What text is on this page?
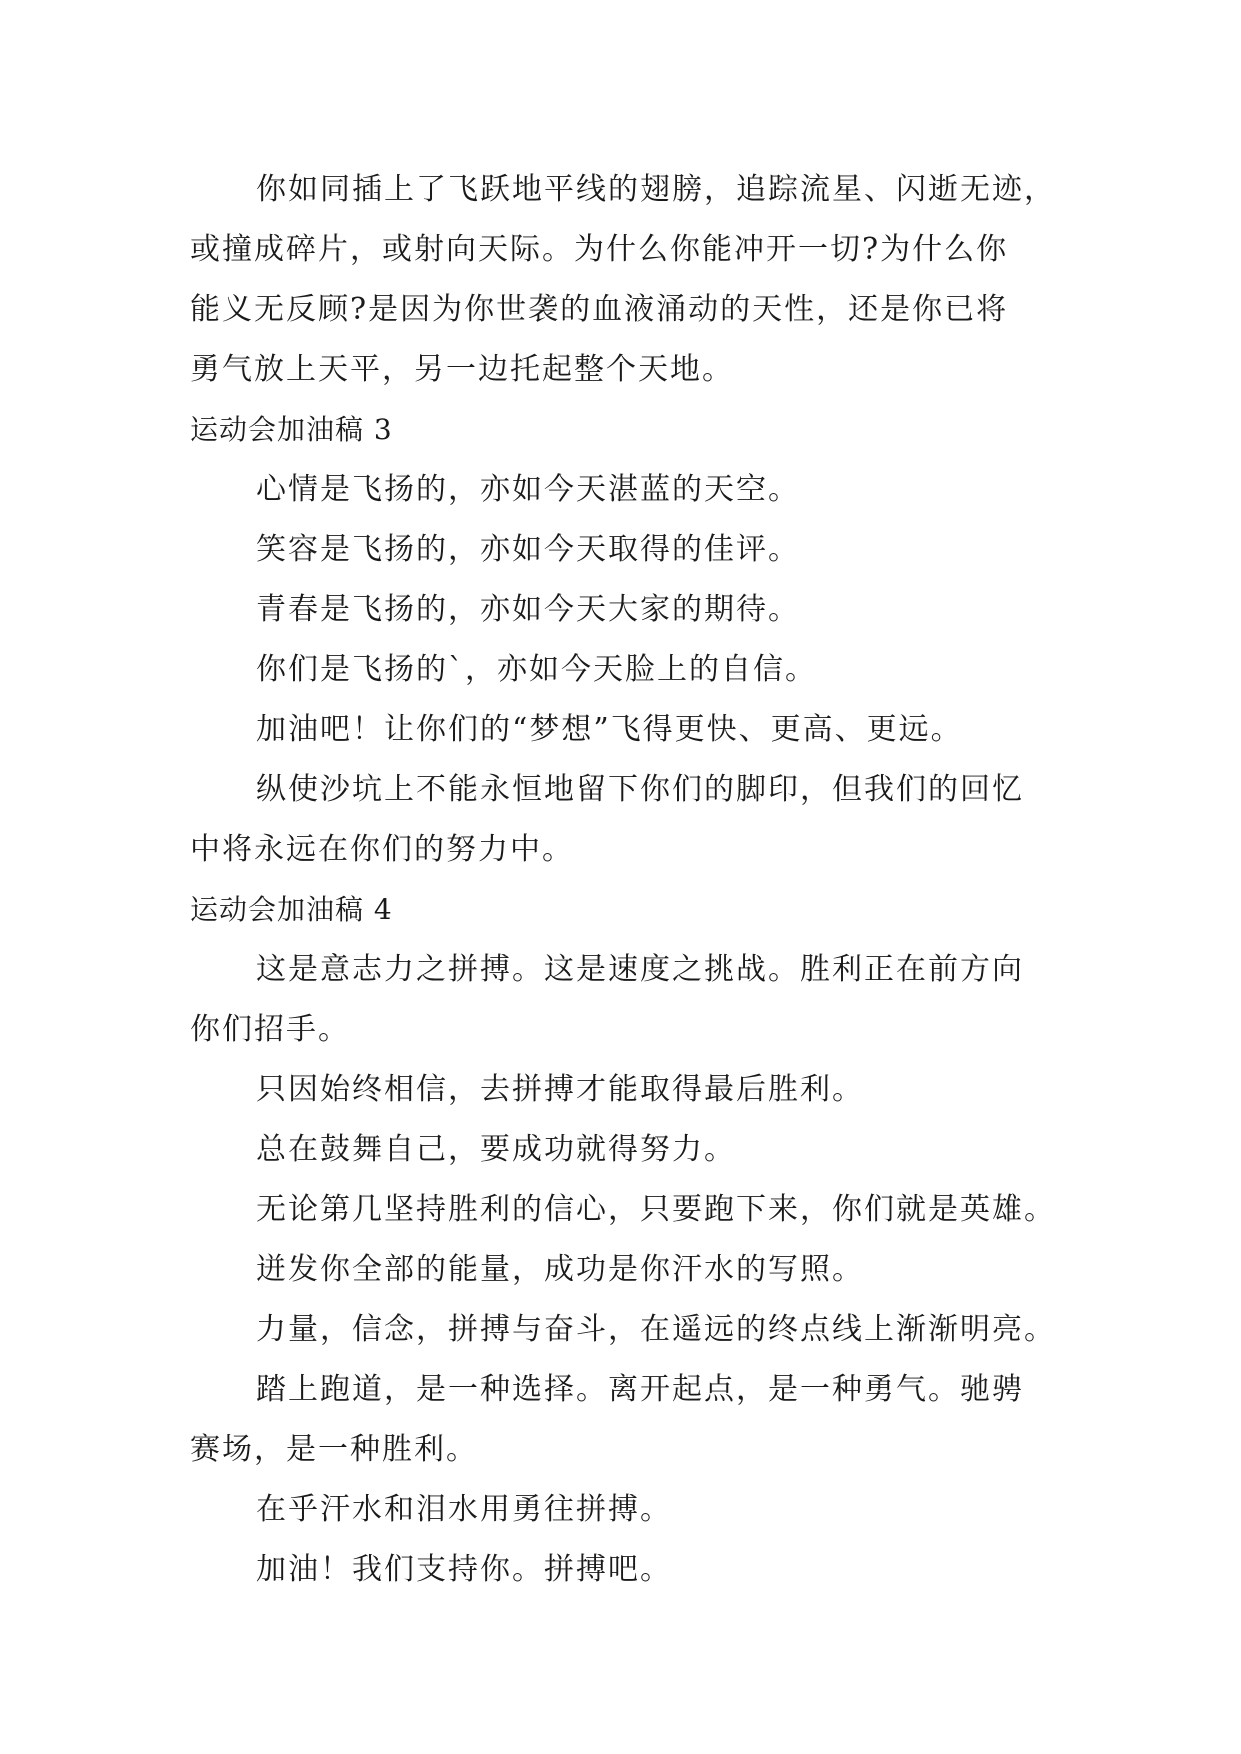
你如同插上了飞跃地平线的翅膀，追踪流星、闪逝无迹，
或撞成碎片，或射向天际。为什么你能冲开一切?为什么你
能义无反顾?是因为你世袭的血液涌动的天性，还是你已将
勇气放上天平，另一边托起整个天地。
运动会加油稿 3
心情是飞扬的，亦如今天湛蓝的天空。
笑容是飞扬的，亦如今天取得的佳评。
青春是飞扬的，亦如今天大家的期待。
你们是飞扬的`，亦如今天脸上的自信。
加油吧！让你们的“梦想”飞得更快、更高、更远。
纵使沙坑上不能永恒地留下你们的脚印，但我们的回忆
中将永远在你们的努力中。
运动会加油稿 4
这是意志力之拼搏。这是速度之挑战。胜利正在前方向
你们招手。
只因始终相信，去拼搏才能取得最后胜利。
总在鼓舞自己，要成功就得努力。
无论第几坚持胜利的信心，只要跑下来，你们就是英雄。
迸发你全部的能量，成功是你汗水的写照。
力量，信念，拼搏与奋斗，在遥远的终点线上渐渐明亮。
踏上跑道，是一种选择。离开起点，是一种勇气。驰骋
赛场，是一种胜利。
在乎汗水和泪水用勇往拼搏。
加油！我们支持你。拼搏吧。
